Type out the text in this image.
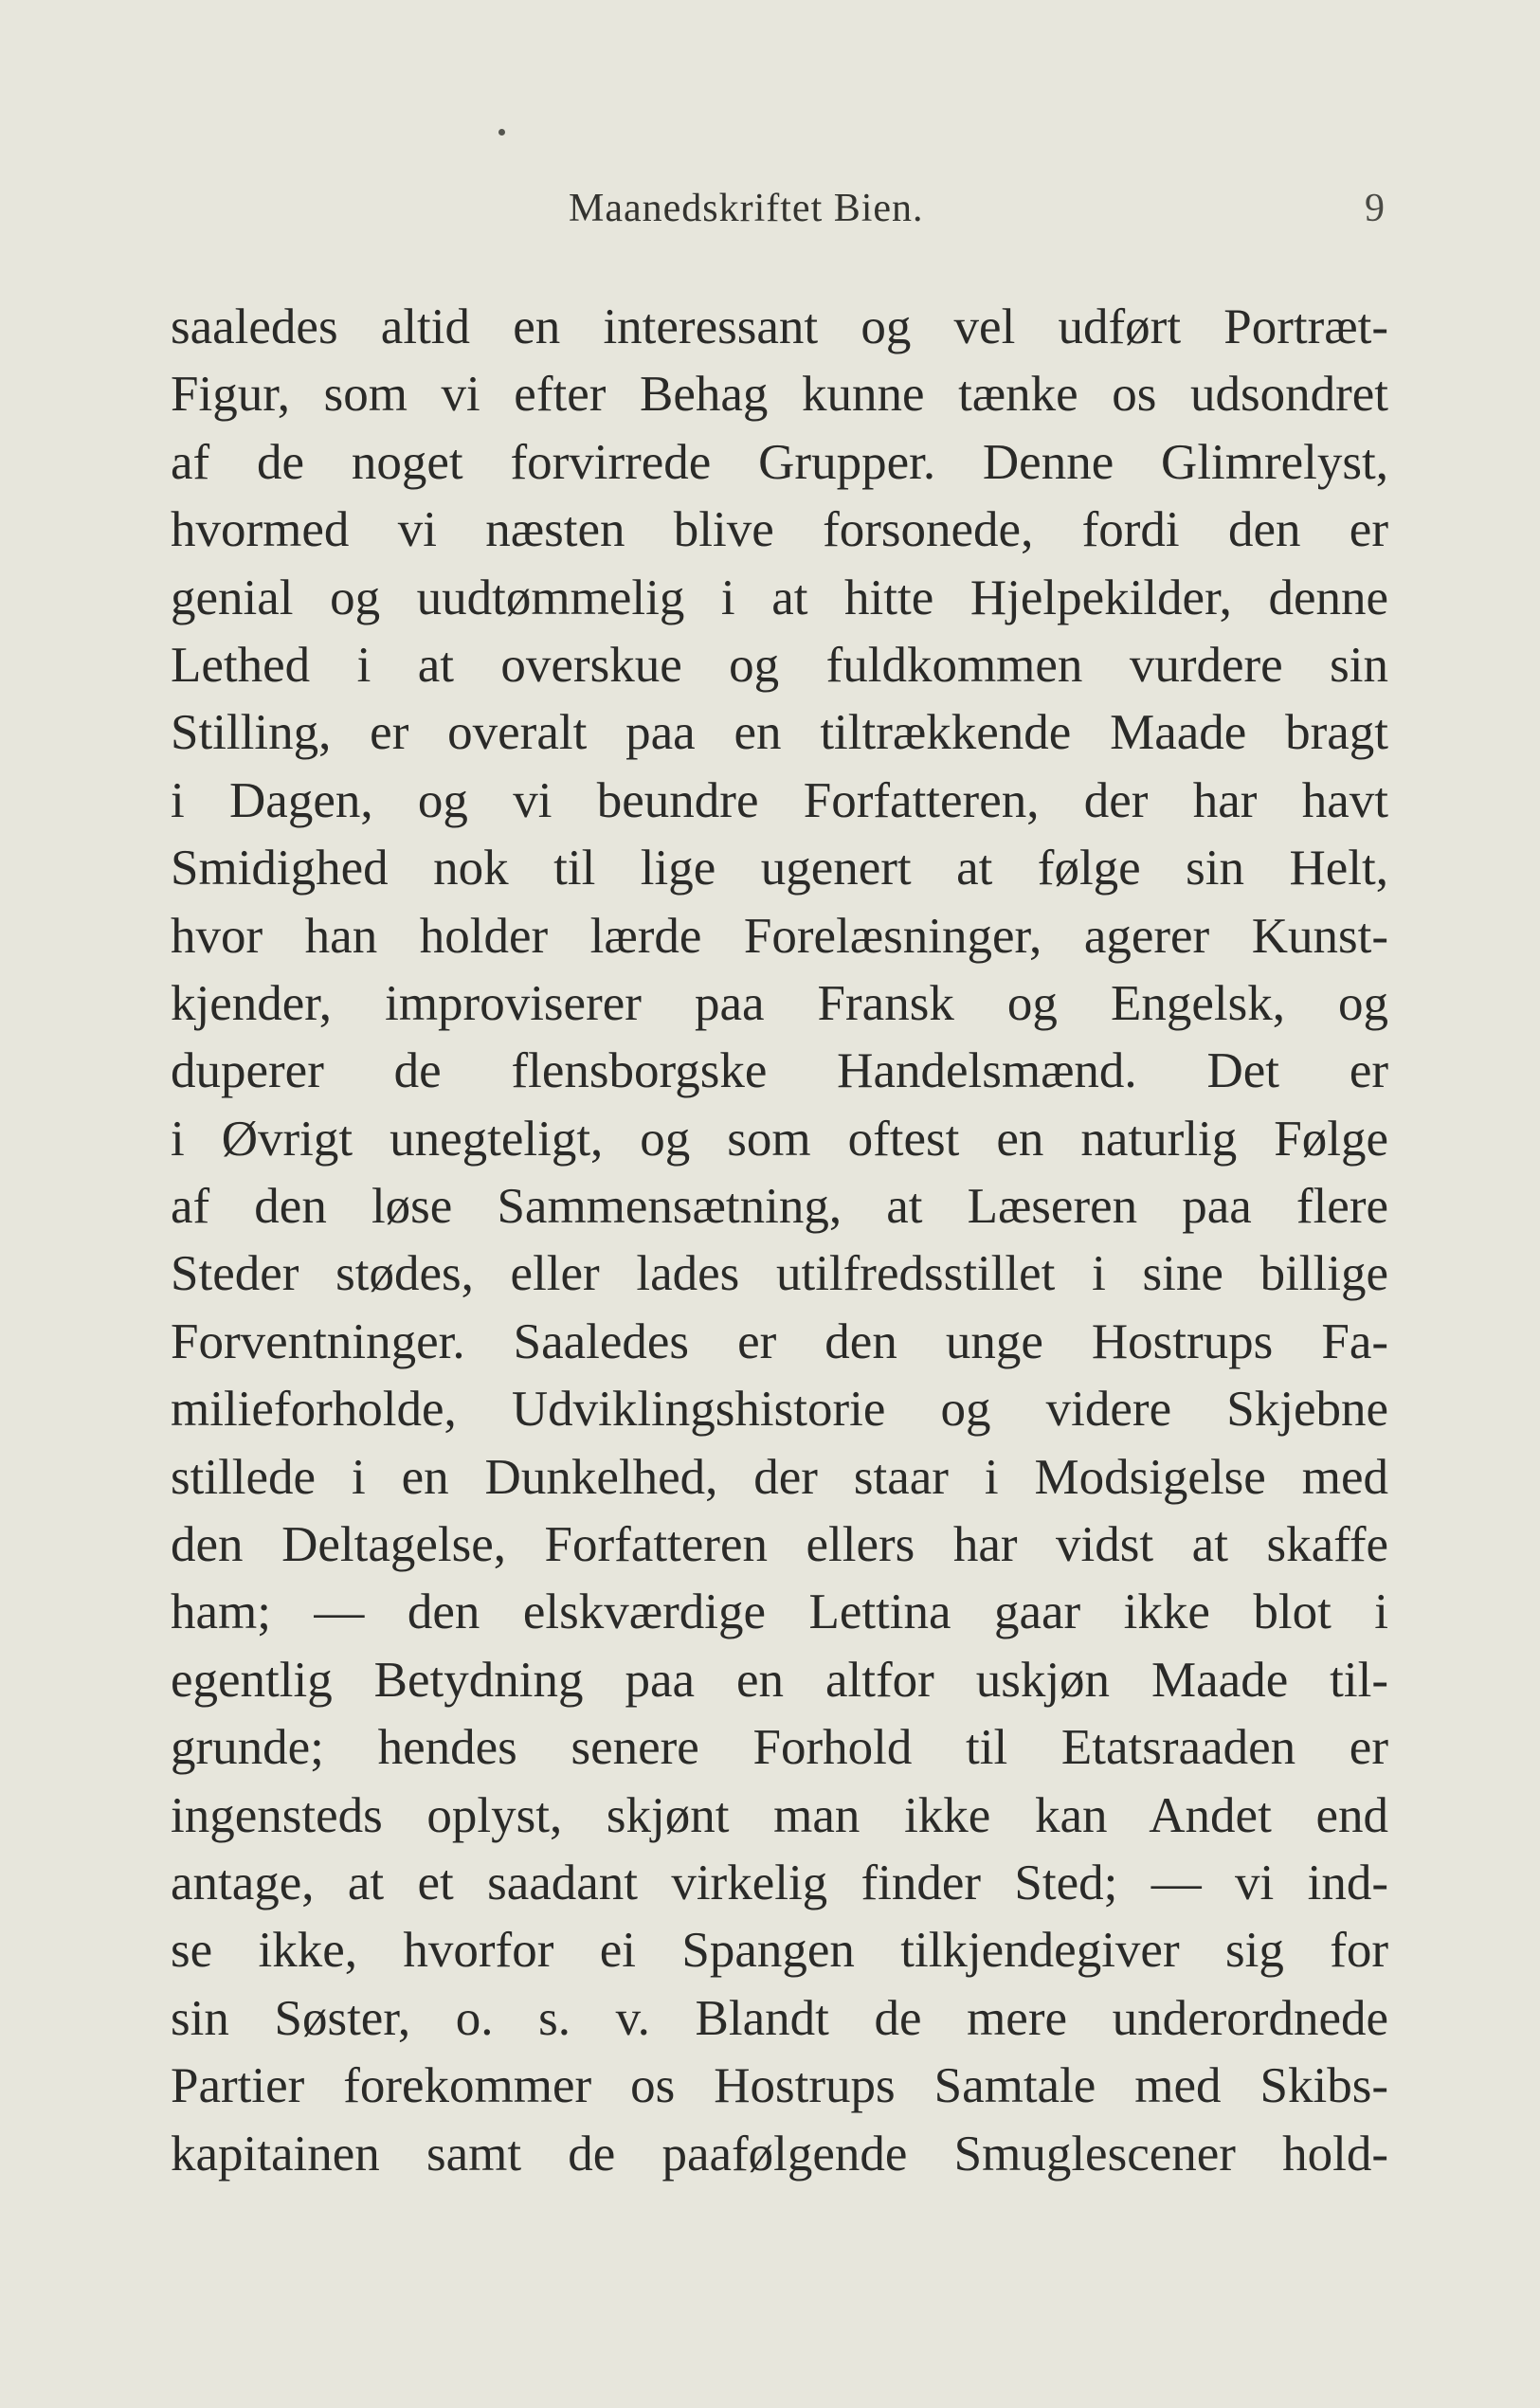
Maanedskriftet Bien.	9
saaledes altid en interessant og vel udført Portræt-
Figur, som vi efter Behag kunne tænke os udsondret
af de noget forvirrede Grupper. Denne Glimrelyst,
hvormed vi næsten blive forsonede, fordi den er
genial og uudtømmelig i at hitte Hjelpekilder, denne
Lethed i at overskue og fuldkommen vurdere sin
Stilling, er overalt paa en tiltrækkende Maade bragt
i Dagen, og vi beundre Forfatteren, der har havt
Smidighed nok til lige ugenert at følge sin Helt,
hvor han holder lærde Forelæsninger, agerer Kunst-
kjender, improviserer paa Fransk og Engelsk, og
duperer de flensborgske Handelsmænd. Det er
i Øvrigt unegteligt, og som oftest en naturlig Følge
af den løse Sammensætning, at Læseren paa flere
Steder stødes, eller lades utilfredsstillet i sine billige
Forventninger. Saaledes er den unge Hostrups Fa-
milieforholde, Udviklingshistorie og videre Skjebne
stillede i en Dunkelhed, der staar i Modsigelse med
den Deltagelse, Forfatteren ellers har vidst at skaffe
ham; — den elskværdige Lettina gaar ikke blot i
egentlig Betydning paa en altfor uskjøn Maade til-
grunde; hendes senere Forhold til Etatsraaden er
ingensteds oplyst, skjønt man ikke kan Andet end
antage, at et saadant virkelig finder Sted; — vi ind-
se ikke, hvorfor ei Spangen tilkjendegiver sig for
sin Søster, o. s. v. Blandt de mere underordnede
Partier forekommer os Hostrups Samtale med Skibs-
kapitainen samt de paafølgende Smuglescener hold-
